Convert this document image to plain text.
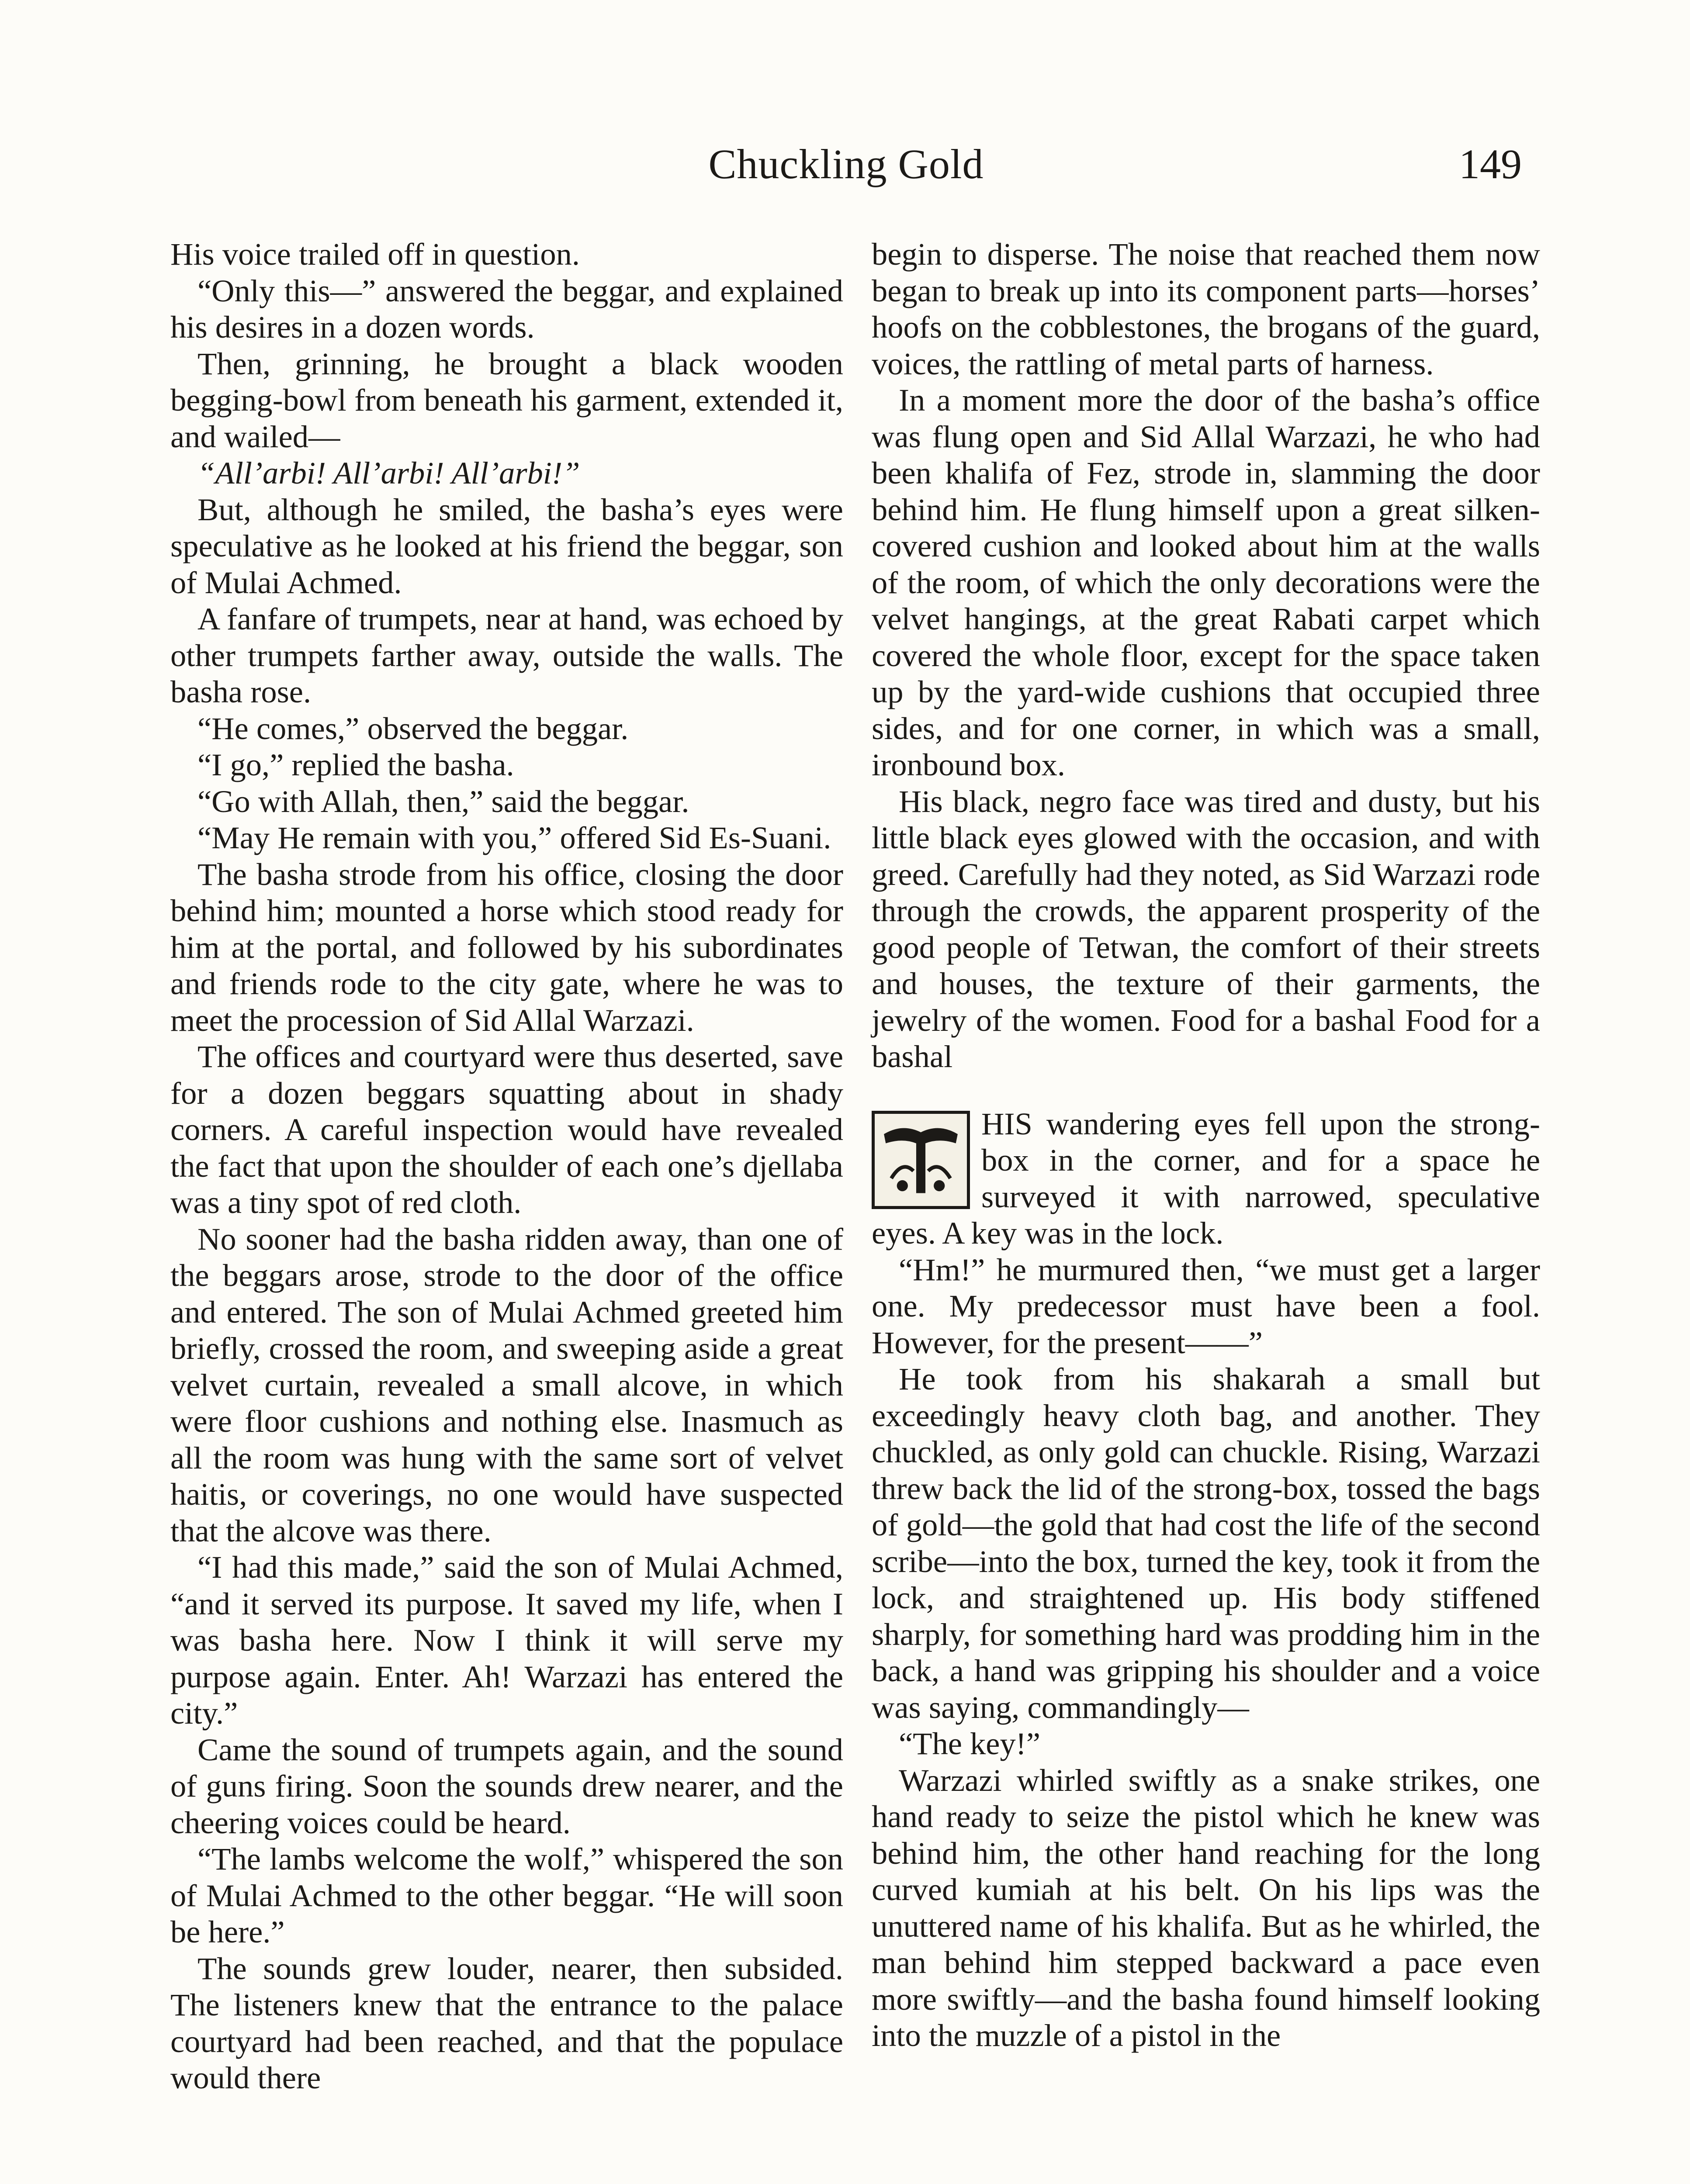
Chuckling Gold	149

His voice trailed off in question.

“Only this—” answered the beggar, and explained his desires in a dozen words.

Then, grinning, he brought a black wooden begging-bowl from beneath his garment, extended it, and wailed—

“All’arbi! All’arbi! All’arbi!”

But, although he smiled, the basha’s eyes were speculative as he looked at his friend the beggar, son of Mulai Achmed.

A fanfare of trumpets, near at hand, was echoed by other trumpets farther away, outside the walls. The basha rose.

“He comes,” observed the beggar.

“I go,” replied the basha.

“Go with Allah, then,” said the beggar.

“May He remain with you,” offered Sid Es-Suani.

The basha strode from his office, closing the door behind him; mounted a horse which stood ready for him at the portal, and followed by his subordinates and friends rode to the city gate, where he was to meet the procession of Sid Allal Warzazi.

The offices and courtyard were thus deserted, save for a dozen beggars squatting about in shady corners. A careful inspection would have revealed the fact that upon the shoulder of each one’s djellaba was a tiny spot of red cloth.

No sooner had the basha ridden away, than one of the beggars arose, strode to the door of the office and entered. The son of Mulai Achmed greeted him briefly, crossed the room, and sweeping aside a great velvet curtain, revealed a small alcove, in which were floor cushions and nothing else. Inasmuch as all the room was hung with the same sort of velvet haitis, or coverings, no one would have suspected that the alcove was there.

“I had this made,” said the son of Mulai Achmed, “and it served its purpose. It saved my life, when I was basha here. Now I think it will serve my purpose again. Enter. Ah! Warzazi has entered the city.”

Came the sound of trumpets again, and the sound of guns firing. Soon the sounds drew nearer, and the cheering voices could be heard.

“The lambs welcome the wolf,” whispered the son of Mulai Achmed to the other beggar. “He will soon be here.”

The sounds grew louder, nearer, then subsided. The listeners knew that the entrance to the palace courtyard had been reached, and that the populace would there

begin to disperse. The noise that reached them now began to break up into its component parts—horses’ hoofs on the cobblestones, the brogans of the guard, voices, the rattling of metal parts of harness.

In a moment more the door of the basha’s office was flung open and Sid Allal Warzazi, he who had been khalifa of Fez, strode in, slamming the door behind him. He flung himself upon a great silken-covered cushion and looked about him at the walls of the room, of which the only decorations were the velvet hangings, at the great Rabati carpet which covered the whole floor, except for the space taken up by the yard-wide cushions that occupied three sides, and for one corner, in which was a small, ironbound box.

His black, negro face was tired and dusty, but his little black eyes glowed with the occasion, and with greed. Carefully had they noted, as Sid Warzazi rode through the crowds, the apparent prosperity of the good people of Tetwan, the comfort of their streets and houses, the texture of their garments, the jewelry of the women. Food for a bashal Food for a bashal

HIS wandering eyes fell upon the strong-box in the corner, and for a space he surveyed it with narrowed, speculative eyes. A key was in the lock.

“Hm!” he murmured then, “we must get a larger one. My predecessor must have been a fool. However, for the present——”

He took from his shakarah a small but exceedingly heavy cloth bag, and another. They chuckled, as only gold can chuckle. Rising, Warzazi threw back the lid of the strong-box, tossed the bags of gold—the gold that had cost the life of the second scribe—into the box, turned the key, took it from the lock, and straightened up. His body stiffened sharply, for something hard was prodding him in the back, a hand was gripping his shoulder and a voice was saying, commandingly—

“The key!”

Warzazi whirled swiftly as a snake strikes, one hand ready to seize the pistol which he knew was behind him, the other hand reaching for the long curved kumiah at his belt. On his lips was the unuttered name of his khalifa. But as he whirled, the man behind him stepped backward a pace even more swiftly—and the basha found himself looking into the muzzle of a pistol in the
